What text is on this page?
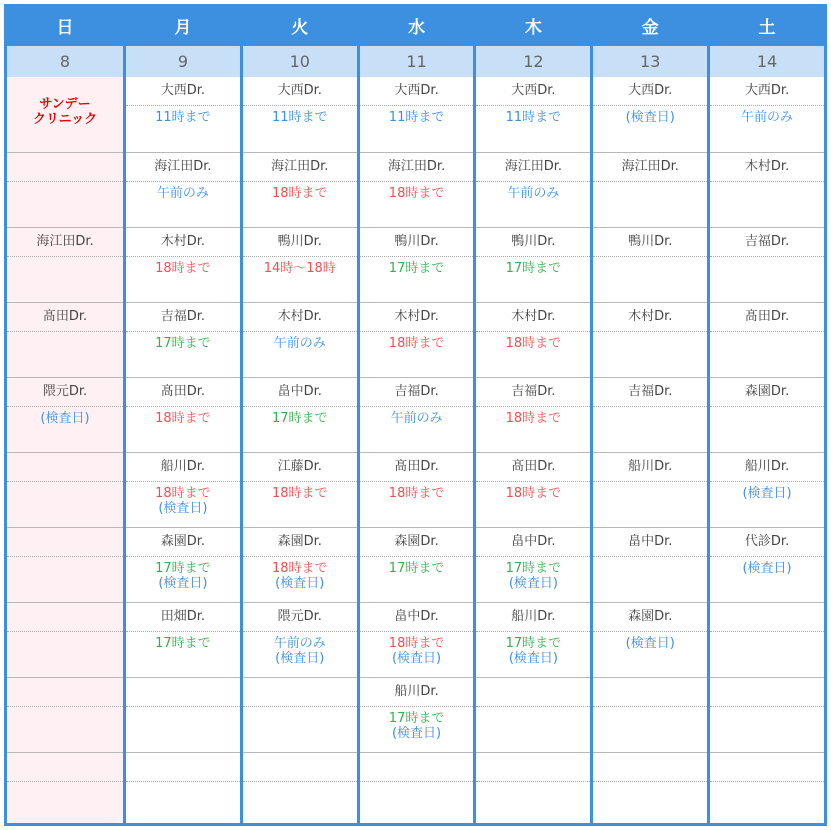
日
8
サンデー
クリニック
海江田Dr.
髙田Dr.
隈元Dr.
(検査日)
月
9
大西Dr.
11時まで
海江田Dr.
午前のみ
木村Dr.
18時まで
吉福Dr.
17時まで
髙田Dr.
18時まで
船川Dr.
18時まで
(検査日)
森園Dr.
17時まで
(検査日)
田畑Dr.
17時まで
火
10
大西Dr.
11時まで
海江田Dr.
18時まで
鴨川Dr.
14時〜18時
木村Dr.
午前のみ
畠中Dr.
17時まで
江藤Dr.
18時まで
森園Dr.
18時まで
(検査日)
隈元Dr.
午前のみ
(検査日)
水
11
大西Dr.
11時まで
海江田Dr.
18時まで
鴨川Dr.
17時まで
木村Dr.
18時まで
吉福Dr.
午前のみ
髙田Dr.
18時まで
森園Dr.
17時まで
畠中Dr.
18時まで
(検査日)
船川Dr.
17時まで
(検査日)
木
12
大西Dr.
11時まで
海江田Dr.
午前のみ
鴨川Dr.
17時まで
木村Dr.
18時まで
吉福Dr.
18時まで
髙田Dr.
18時まで
畠中Dr.
17時まで
(検査日)
船川Dr.
17時まで
(検査日)
金
13
大西Dr.
(検査日)
海江田Dr.
鴨川Dr.
木村Dr.
吉福Dr.
船川Dr.
畠中Dr.
森園Dr.
(検査日)
土
14
大西Dr.
午前のみ
木村Dr.
吉福Dr.
髙田Dr.
森園Dr.
船川Dr.
(検査日)
代診Dr.
(検査日)
